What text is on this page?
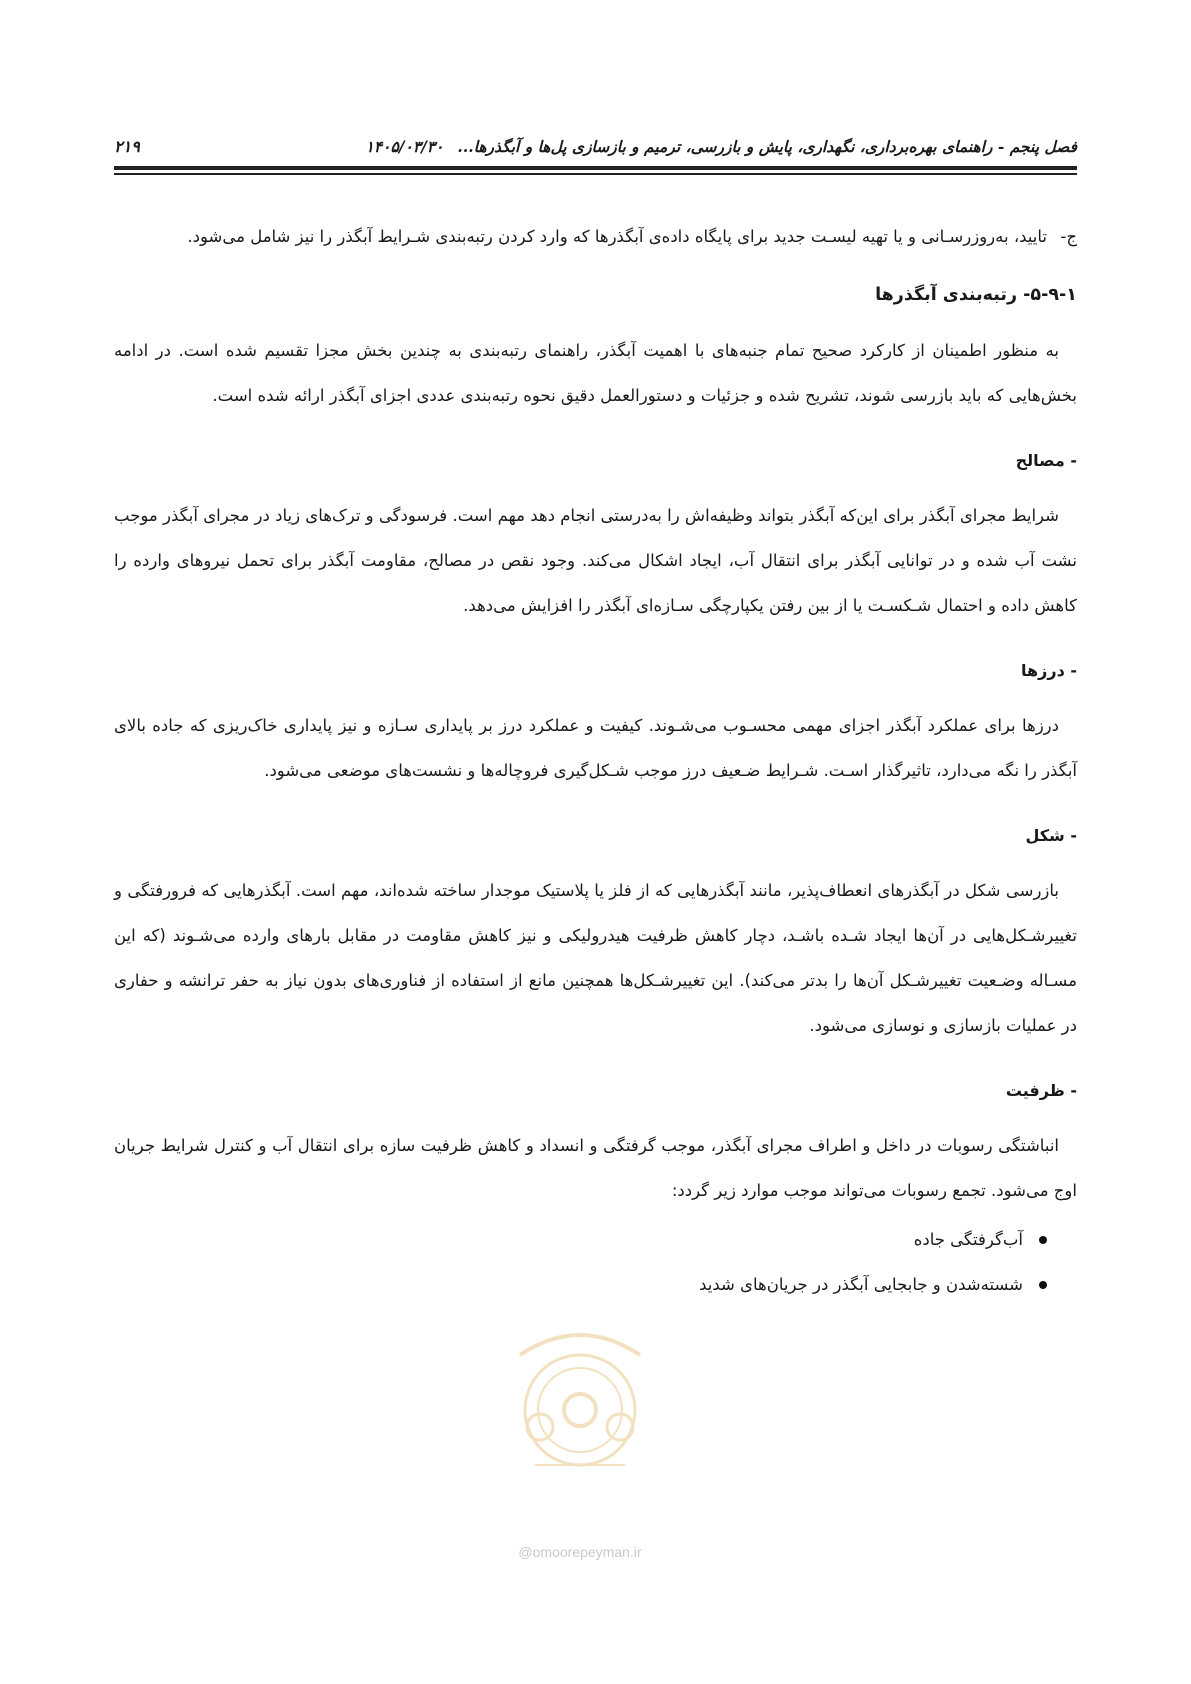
فصل پنجم - راهنمای بهره‌برداری، نگهداری، پایش و بازرسی، ترمیم و بازسازی پل‌ها و آبگذرها...
۱۴۰۵/۰۳/۳۰
۲۱۹
ج-
تایید، به‌روزرسـانی و یا تهیه لیسـت جدید برای پایگاه داده‌ی آبگذرها که وارد کردن رتبه‌بندی شـرایط آبگذر را نیز شامل می‌شود.
۵-۹-۱- رتبه‌بندی آبگذرها
به منظور اطمینان از کارکرد صحیح تمام جنبه‌های با اهمیت آبگذر، راهنمای رتبه‌بندی به چندین بخش مجزا تقسیم شده است. در ادامه بخش‌هایی که باید بازرسی شوند، تشریح شده و جزئیات و دستورالعمل دقیق نحوه رتبه‌بندی عددی اجزای آبگذر ارائه شده است.
- مصالح
شرایط مجرای آبگذر برای این‌که آبگذر بتواند وظیفه‌اش را به‌درستی انجام دهد مهم است. فرسودگی و ترک‌های زیاد در مجرای آبگذر موجب نشت آب شده و در توانایی آبگذر برای انتقال آب، ایجاد اشکال می‌کند. وجود نقص در مصالح، مقاومت آبگذر برای تحمل نیروهای وارده را کاهش داده و احتمال شـکسـت یا از بین رفتن یکپارچگی سـازه‌ای آبگذر را افزایش می‌دهد.
- درزها
درزها برای عملکرد آبگذر اجزای مهمی محسـوب می‌شـوند. کیفیت و عملکرد درز بر پایداری سـازه و نیز پایداری خاک‌ریزی که جاده بالای آبگذر را نگه می‌دارد، تاثیرگذار اسـت. شـرایط ضـعیف درز موجب شـکل‌گیری فروچاله‌ها و نشست‌های موضعی می‌شود.
- شکل
بازرسی شکل در آبگذرهای انعطاف‌پذیر، مانند آبگذرهایی که از فلز یا پلاستیک موجدار ساخته شده‌اند، مهم است. آبگذرهایی که فرورفتگی و تغییرشـکل‌هایی در آن‌ها ایجاد شـده باشـد، دچار کاهش ظرفیت هیدرولیکی و نیز کاهش مقاومت در مقابل بارهای وارده می‌شـوند (که این مسـاله وضـعیت تغییرشـکل آن‌ها را بدتر می‌کند). این تغییرشـکل‌ها همچنین مانع از استفاده از فناوری‌های بدون نیاز به حفر ترانشه و حفاری در عملیات بازسازی و نوسازی می‌شود.
- ظرفیت
انباشتگی رسوبات در داخل و اطراف مجرای آبگذر، موجب گرفتگی و انسداد و کاهش ظرفیت سازه برای انتقال آب و کنترل شرایط جریان اوج می‌شود. تجمع رسوبات می‌تواند موجب موارد زیر گردد:
آب‌گرفتگی جاده
شسته‌شدن و جابجایی آبگذر در جریان‌های شدید
@omoorepeyman.ir
